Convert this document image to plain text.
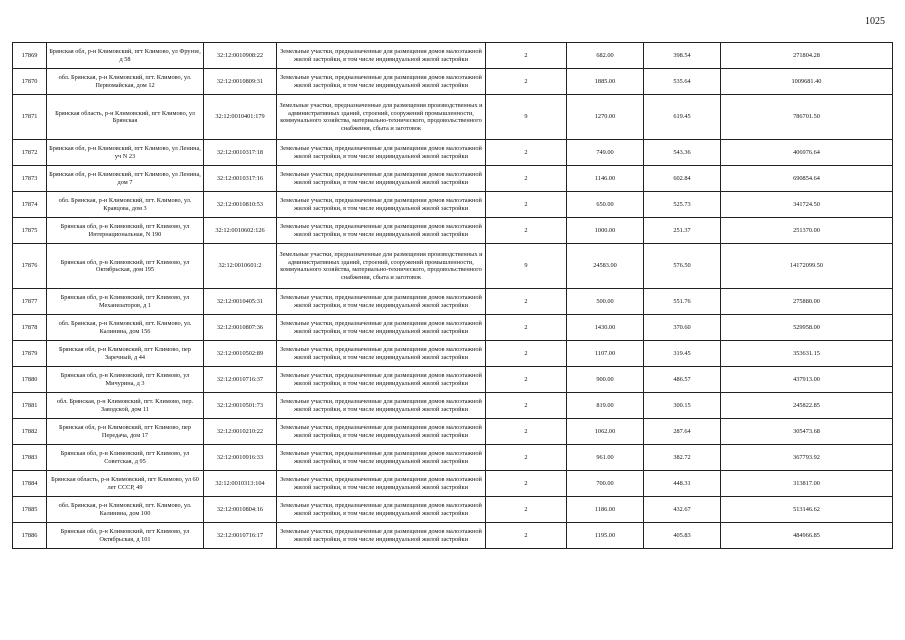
1025
17869	Брянская обл, р-н Климовский, пгт Климово, ул Фрунзе, д 58	32:12:0010908:22	Земельные участки, предназначенные для размещения домов малоэтажной жилой застройки, в том числе индивидуальной жилой застройки	2	682.00	398.54	271804.28
17870	обл. Брянская, р-н Климовский, пгт. Климово, ул. Первомайская, дом 12	32:12:0010809:31	Земельные участки, предназначенные для размещения домов малоэтажной жилой застройки, в том числе индивидуальной жилой застройки	2	1885.00	535.64	1009681.40
17871	Брянская область, р-н Климовский, пгт Климово, ул Брянская	32:12:0010401:179	Земельные участки, предназначенные для размещения производственных и административных зданий, строений, сооружений промышленности, коммунального хозяйства, материально-технического, продовольственного снабжения, сбыта и заготовок	9	1270.00	619.45	786701.50
17872	Брянская обл, р-н Климовский, пгт Климово, ул Ленина, уч N 23	32:12:0010317:18	Земельные участки, предназначенные для размещения домов малоэтажной жилой застройки, в том числе индивидуальной жилой застройки	2	749.00	543.36	406976.64
17873	Брянская обл, р-н Климовский, пгт Климово, ул Ленина, дом 7	32:12:0010317:16	Земельные участки, предназначенные для размещения домов малоэтажной жилой застройки, в том числе индивидуальной жилой застройки	2	1146.00	602.84	690854.64
17874	обл. Брянская, р-н Климовский, пгт. Климово, ул. Кравцова, дом 3	32:12:0010810:53	Земельные участки, предназначенные для размещения домов малоэтажной жилой застройки, в том числе индивидуальной жилой застройки	2	650.00	525.73	341724.50
17875	Брянская обл, р-н Климовский, пгт Климово, ул Интернациональная, N 190	32:12:0010602:126	Земельные участки, предназначенные для размещения домов малоэтажной жилой застройки, в том числе индивидуальной жилой застройки	2	1000.00	251.37	251370.00
17876	Брянская обл, р-н Климовский, пгт Климово, ул Октябрьская, дом 195	32:12:0010601:2	Земельные участки, предназначенные для размещения производственных и административных зданий, строений, сооружений промышленности, коммунального хозяйства, материально-технического, продовольственного снабжения, сбыта и заготовок	9	24583.00	576.50	14172099.50
17877	Брянская обл, р-н Климовский, пгт Климово, ул Механизаторов, д 1	32:12:0010405:31	Земельные участки, предназначенные для размещения домов малоэтажной жилой застройки, в том числе индивидуальной жилой застройки	2	500.00	551.76	275880.00
17878	обл. Брянская, р-н Климовский, пгт. Климово, ул. Калинина, дом 156	32:12:0010807:36	Земельные участки, предназначенные для размещения домов малоэтажной жилой застройки, в том числе индивидуальной жилой застройки	2	1430.00	370.60	529958.00
17879	Брянская обл, р-н Климовский, пгт Климово, пер Заречный, д 44	32:12:0010502:89	Земельные участки, предназначенные для размещения домов малоэтажной жилой застройки, в том числе индивидуальной жилой застройки	2	1107.00	319.45	353631.15
17880	Брянская обл, р-н Климовский, пгт Климово, ул Мичурина, д 3	32:12:0010716:37	Земельные участки, предназначенные для размещения домов малоэтажной жилой застройки, в том числе индивидуальной жилой застройки	2	900.00	486.57	437913.00
17881	обл. Брянская, р-н Климовский, пгт. Климово, пер. Заводской, дом 11	32:12:0010501:73	Земельные участки, предназначенные для размещения домов малоэтажной жилой застройки, в том числе индивидуальной жилой застройки	2	819.00	300.15	245822.85
17882	Брянская обл, р-н Климовский, пгт Климово, пер Передача, дом 17	32:12:0010210:22	Земельные участки, предназначенные для размещения домов малоэтажной жилой застройки, в том числе индивидуальной жилой застройки	2	1062.00	287.64	305473.68
17883	Брянская обл, р-н Климовский, пгт Климово, ул Советская, д 95	32:12:0010916:33	Земельные участки, предназначенные для размещения домов малоэтажной жилой застройки, в том числе индивидуальной жилой застройки	2	961.00	382.72	367793.92
17884	Брянская область, р-н Климовский, пгт Климово, ул 60 лет СССР, 49	32:12:0010313:104	Земельные участки, предназначенные для размещения домов малоэтажной жилой застройки, в том числе индивидуальной жилой застройки	2	700.00	448.31	313817.00
17885	обл. Брянская, р-н Климовский, пгт. Климово, ул. Калинина, дом 100	32:12:0010804:16	Земельные участки, предназначенные для размещения домов малоэтажной жилой застройки, в том числе индивидуальной жилой застройки	2	1186.00	432.67	513146.62
17886	Брянская обл, р-н Климовский, пгт Климово, ул Октябрьская, д 101	32:12:0010716:17	Земельные участки, предназначенные для размещения домов малоэтажной жилой застройки, в том числе индивидуальной жилой застройки	2	1195.00	405.83	484966.85
